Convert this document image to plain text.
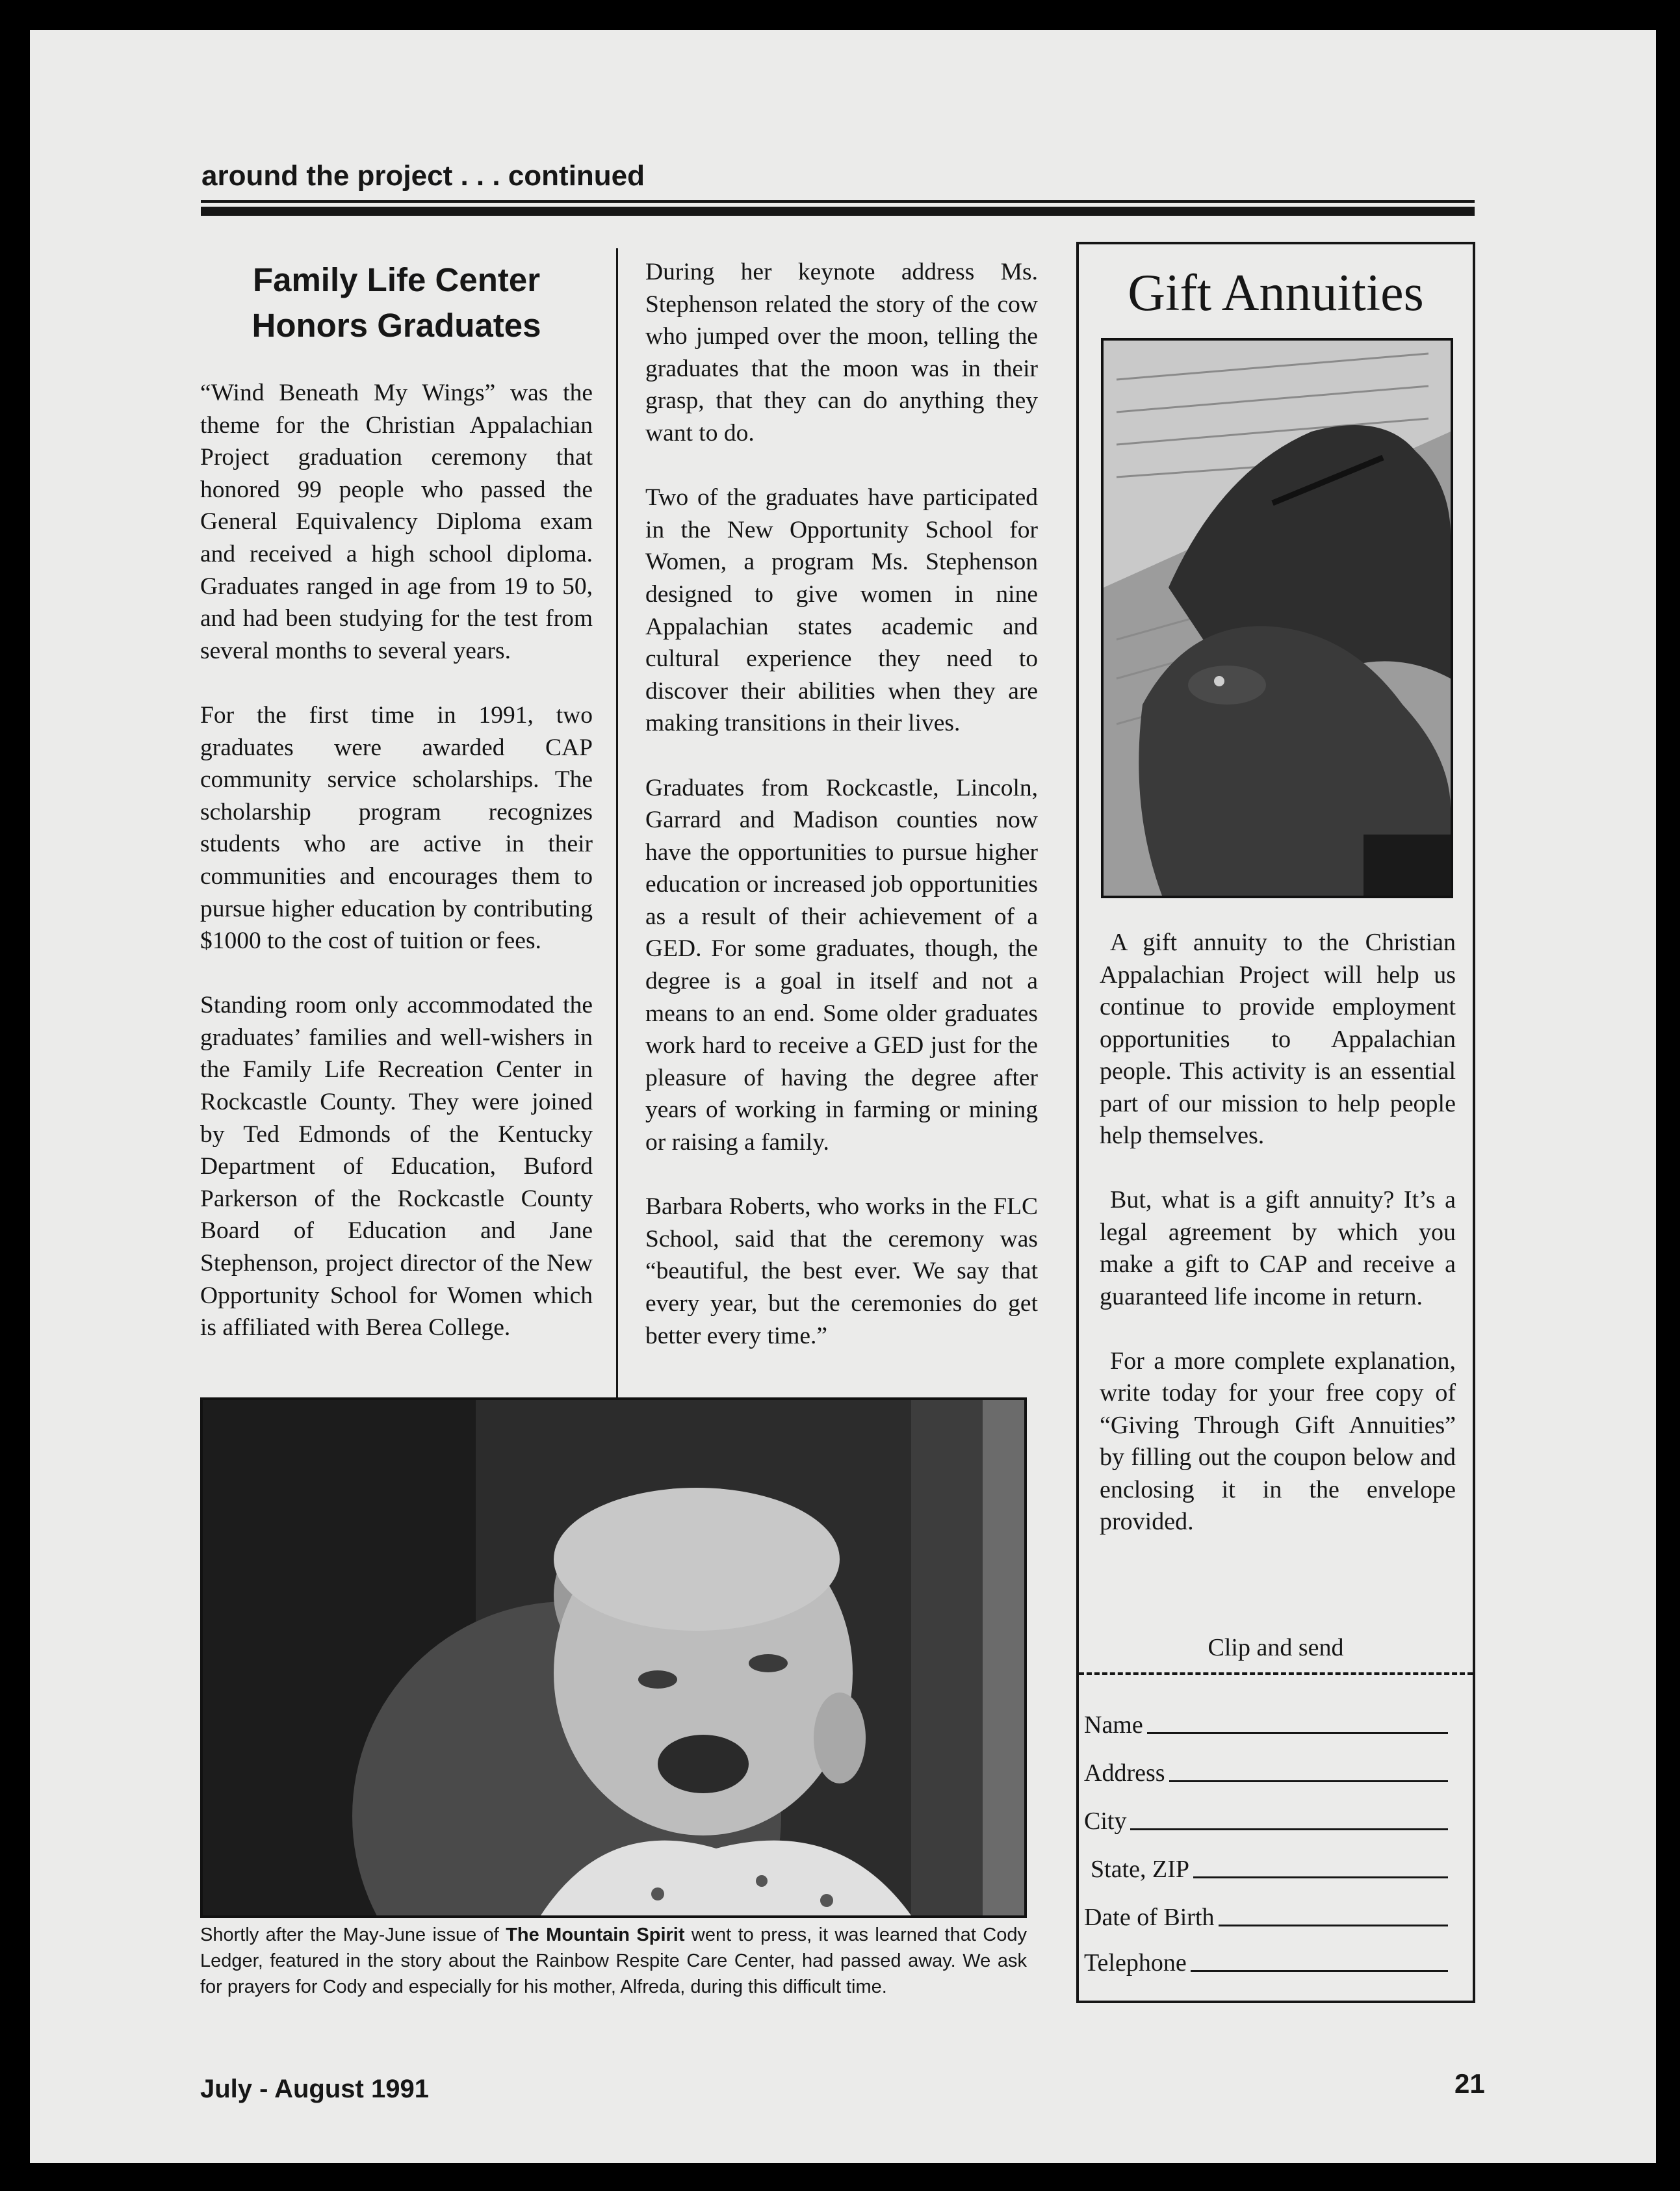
around the project . . . continued
Family Life Center Honors Graduates

“Wind Beneath My Wings” was the theme for the Christian Appalachian Project graduation ceremony that honored 99 people who passed the General Equivalency Diploma exam and received a high school diploma. Graduates ranged in age from 19 to 50, and had been studying for the test from several months to several years.

For the first time in 1991, two graduates were awarded CAP community service scholarships. The scholarship program recognizes students who are active in their communities and encourages them to pursue higher education by contributing $1000 to the cost of tuition or fees.

Standing room only accommodated the graduates’ families and well-wishers in the Family Life Recreation Center in Rockcastle County. They were joined by Ted Edmonds of the Kentucky Department of Education, Buford Parkerson of the Rockcastle County Board of Education and Jane Stephenson, project director of the New Opportunity School for Women which is affiliated with Berea College.

During her keynote address Ms. Stephenson related the story of the cow who jumped over the moon, telling the graduates that the moon was in their grasp, that they can do anything they want to do.

Two of the graduates have participated in the New Opportunity School for Women, a program Ms. Stephenson designed to give women in nine Appalachian states academic and cultural experience they need to discover their abilities when they are making transitions in their lives.

Graduates from Rockcastle, Lincoln, Garrard and Madison counties now have the opportunities to pursue higher education or increased job opportunities as a result of their achievement of a GED. For some graduates, though, the degree is a goal in itself and not a means to an end. Some older graduates work hard to receive a GED just for the pleasure of having the degree after years of working in farming or mining or raising a family.

Barbara Roberts, who works in the FLC School, said that the ceremony was “beautiful, the best ever. We say that every year, but the ceremonies do get better every time.”

Shortly after the May-June issue of The Mountain Spirit went to press, it was learned that Cody Ledger, featured in the story about the Rainbow Respite Care Center, had passed away. We ask for prayers for Cody and especially for his mother, Alfreda, during this difficult time.
Gift Annuities

A gift annuity to the Christian Appalachian Project will help us continue to provide employment opportunities to Appalachian people. This activity is an essential part of our mission to help people help themselves.

But, what is a gift annuity? It’s a legal agreement by which you make a gift to CAP and receive a guaranteed life income in return.

For a more complete explanation, write today for your free copy of “Giving Through Gift Annuities” by filling out the coupon below and enclosing it in the envelope provided.

Clip and send
Name
Address
City
State, ZIP
Date of Birth
Telephone
July - August 1991	21
